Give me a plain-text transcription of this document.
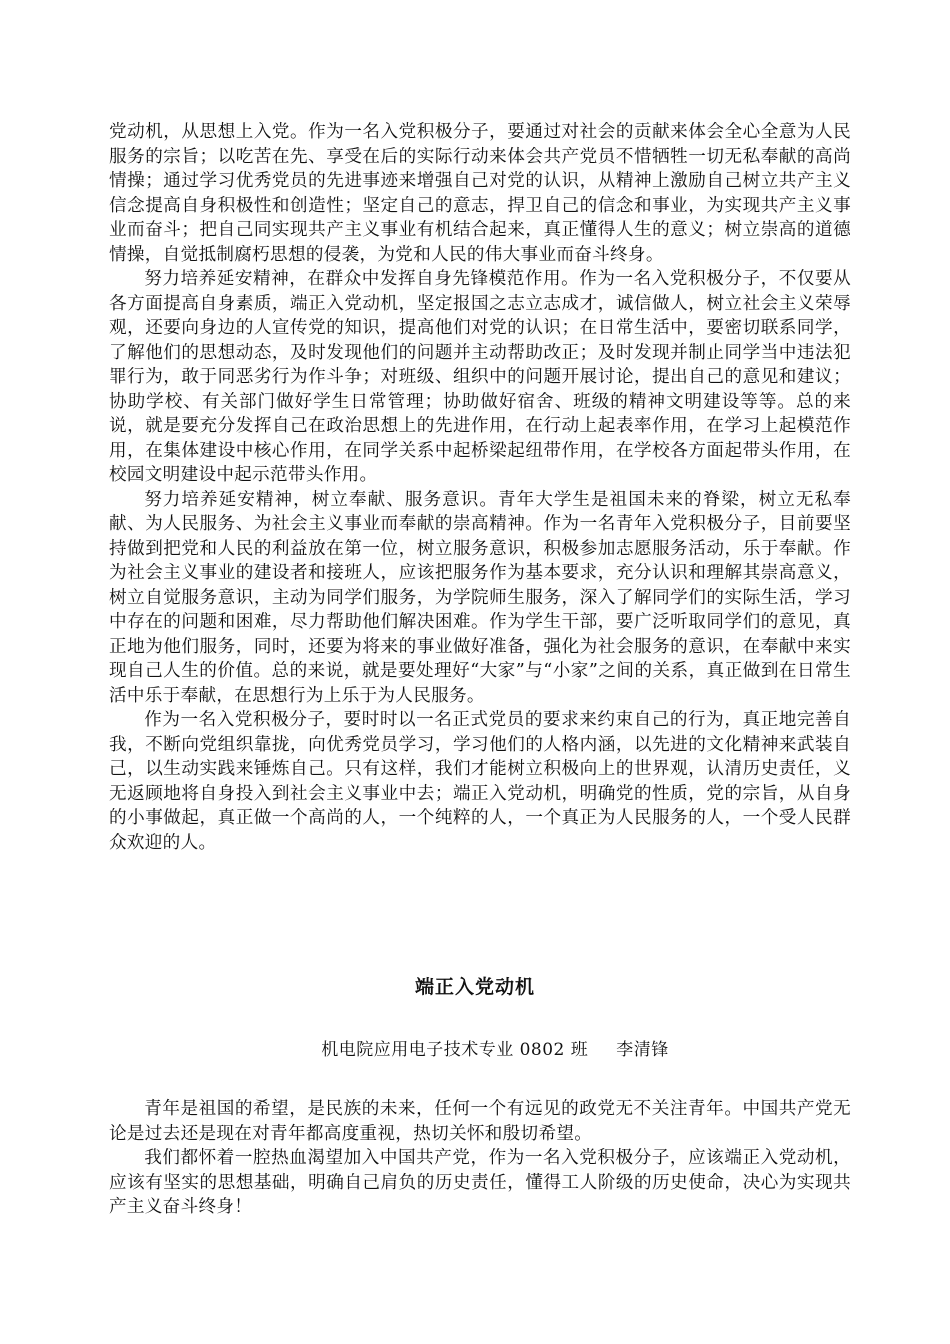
党动机，从思想上入党。作为一名入党积极分子，要通过对社会的贡献来体会全心全意为人民服务的宗旨；以吃苦在先、享受在后的实际行动来体会共产党员不惜牺牲一切无私奉献的高尚情操；通过学习优秀党员的先进事迹来增强自己对党的认识，从精神上激励自己树立共产主义信念提高自身积极性和创造性；坚定自己的意志，捍卫自己的信念和事业，为实现共产主义事业而奋斗；把自己同实现共产主义事业有机结合起来，真正懂得人生的意义；树立崇高的道德情操，自觉抵制腐朽思想的侵袭，为党和人民的伟大事业而奋斗终身。

努力培养延安精神，在群众中发挥自身先锋模范作用。作为一名入党积极分子，不仅要从各方面提高自身素质，端正入党动机，坚定报国之志立志成才，诚信做人，树立社会主义荣辱观，还要向身边的人宣传党的知识，提高他们对党的认识；在日常生活中，要密切联系同学，了解他们的思想动态，及时发现他们的问题并主动帮助改正；及时发现并制止同学当中违法犯罪行为，敢于同恶劣行为作斗争；对班级、组织中的问题开展讨论，提出自己的意见和建议；协助学校、有关部门做好学生日常管理；协助做好宿舍、班级的精神文明建设等等。总的来说，就是要充分发挥自己在政治思想上的先进作用，在行动上起表率作用，在学习上起模范作用，在集体建设中核心作用，在同学关系中起桥梁起纽带作用，在学校各方面起带头作用，在校园文明建设中起示范带头作用。

努力培养延安精神，树立奉献、服务意识。青年大学生是祖国未来的脊梁，树立无私奉献、为人民服务、为社会主义事业而奉献的崇高精神。作为一名青年入党积极分子，目前要坚持做到把党和人民的利益放在第一位，树立服务意识，积极参加志愿服务活动，乐于奉献。作为社会主义事业的建设者和接班人，应该把服务作为基本要求，充分认识和理解其崇高意义，树立自觉服务意识，主动为同学们服务，为学院师生服务，深入了解同学们的实际生活，学习中存在的问题和困难，尽力帮助他们解决困难。作为学生干部，要广泛听取同学们的意见，真正地为他们服务，同时，还要为将来的事业做好准备，强化为社会服务的意识，在奉献中来实现自己人生的价值。总的来说，就是要处理好“大家”与“小家”之间的关系，真正做到在日常生活中乐于奉献，在思想行为上乐于为人民服务。

作为一名入党积极分子，要时时以一名正式党员的要求来约束自己的行为，真正地完善自我，不断向党组织靠拢，向优秀党员学习，学习他们的人格内涵，以先进的文化精神来武装自己，以生动实践来锤炼自己。只有这样，我们才能树立积极向上的世界观，认清历史责任，义无返顾地将自身投入到社会主义事业中去；端正入党动机，明确党的性质，党的宗旨，从自身的小事做起，真正做一个高尚的人，一个纯粹的人，一个真正为人民服务的人，一个受人民群众欢迎的人。

端正入党动机

机电院应用电子技术专业 0802 班 李清锋

青年是祖国的希望，是民族的未来，任何一个有远见的政党无不关注青年。中国共产党无论是过去还是现在对青年都高度重视，热切关怀和殷切希望。

我们都怀着一腔热血渴望加入中国共产党，作为一名入党积极分子，应该端正入党动机，应该有坚实的思想基础，明确自己肩负的历史责任，懂得工人阶级的历史使命，决心为实现共产主义奋斗终身！
